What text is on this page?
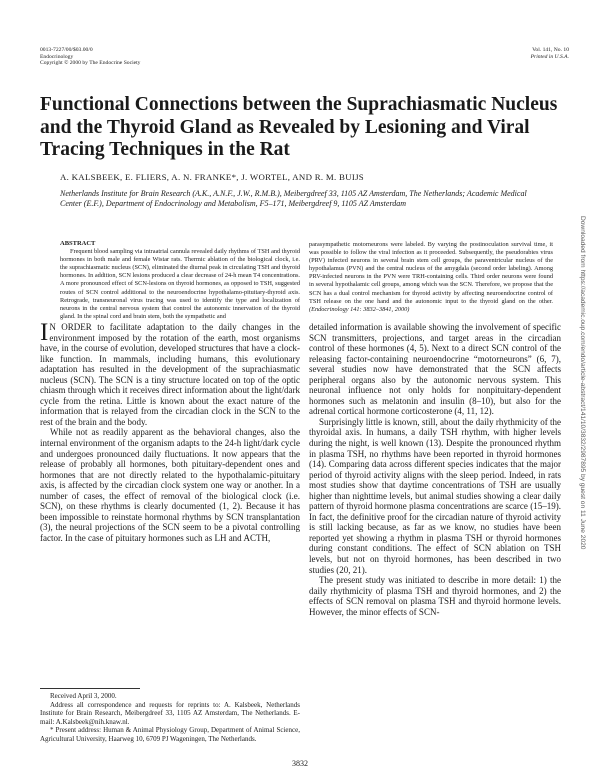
0013-7227/00/$03.00/0
Endocrinology
Copyright © 2000 by The Endocrine Society
Vol. 141, No. 10
Printed in U.S.A.
Functional Connections between the Suprachiasmatic Nucleus and the Thyroid Gland as Revealed by Lesioning and Viral Tracing Techniques in the Rat
A. KALSBEEK, E. FLIERS, A. N. FRANKE*, J. WORTEL, AND R. M. BUIJS
Netherlands Institute for Brain Research (A.K., A.N.F., J.W., R.M.B.), Meibergdreef 33, 1105 AZ Amsterdam, The Netherlands; Academic Medical Center (E.F.), Department of Endocrinology and Metabolism, F5–171, Meibergdreef 9, 1105 AZ Amsterdam
ABSTRACT

Frequent blood sampling via intraatrial cannula revealed daily rhythms of TSH and thyroid hormones in both male and female Wistar rats. Thermic ablation of the biological clock, i.e. the suprachiasmatic nucleus (SCN), eliminated the diurnal peak in circulating TSH and thyroid hormones. In addition, SCN lesions produced a clear decrease of 24-h mean T4 concentrations. A more pronounced effect of SCN-lesions on thyroid hormones, as opposed to TSH, suggested routes of SCN control additional to the neuroendocrine hypothalamo-pituitary-thyroid axis. Retrograde, transneuronal virus tracing was used to identify the type and localization of neurons in the central nervous system that control the autonomic innervation of the thyroid gland. In the spinal cord and brain stem, both the sympathetic and

parasympathetic motorneurons were labeled. By varying the postinoculation survival time, it was possible to follow the viral infection as it proceeded. Subsequently, the pseudorabies virus (PRV) infected neurons in several brain stem cell groups, the paraventricular nucleus of the hypothalamus (PVN) and the central nucleus of the amygdala (second order labeling). Among PRV-infected neurons in the PVN were TRH-containing cells. Third order neurons were found in several hypothalamic cell groups, among which was the SCN. Therefore, we propose that the SCN has a dual control mechanism for thyroid activity by affecting neuroendocrine control of TSH release on the one hand and the autonomic input to the thyroid gland on the other. (Endocrinology 141: 3832–3841, 2000)

I N ORDER to facilitate adaptation to the daily changes in the environment imposed by the rotation of the earth, most organisms have, in the course of evolution, developed structures that have a clock-like function. In mammals, including humans, this evolutionary adaptation has resulted in the development of the suprachiasmatic nucleus (SCN). The SCN is a tiny structure located on top of the optic chiasm through which it receives direct information about the light/dark cycle from the retina. Little is known about the exact nature of the information that is relayed from the circadian clock in the SCN to the rest of the brain and the body.

While not as readily apparent as the behavioral changes, also the internal environment of the organism adapts to the 24-h light/dark cycle and undergoes pronounced daily fluctuations. It now appears that the release of probably all hormones, both pituitary-dependent ones and hormones that are not directly related to the hypothalamic-pituitary axis, is affected by the circadian clock system one way or another. In a number of cases, the effect of removal of the biological clock (i.e. SCN), on these rhythms is clearly documented (1, 2). Because it has been impossible to reinstate hormonal rhythms by SCN transplantation (3), the neural projections of the SCN seem to be a pivotal controlling factor. In the case of pituitary hormones such as LH and ACTH,

detailed information is available showing the involvement of specific SCN transmitters, projections, and target areas in the circadian control of these hormones (4, 5). Next to a direct SCN control of the releasing factor-containing neuroendocrine “motorneurons” (6, 7), several studies now have demonstrated that the SCN affects peripheral organs also by the autonomic nervous system. This neuronal influence not only holds for nonpituitary-dependent hormones such as melatonin and insulin (8–10), but also for the adrenal cortical hormone corticosterone (4, 11, 12).

Surprisingly little is known, still, about the daily rhythmicity of the thyroidal axis. In humans, a daily TSH rhythm, with higher levels during the night, is well known (13). Despite the pronounced rhythm in plasma TSH, no rhythms have been reported in thyroid hormones (14). Comparing data across different species indicates that the major period of thyroid activity aligns with the sleep period. Indeed, in rats most studies show that daytime concentrations of TSH are usually higher than nighttime levels, but animal studies showing a clear daily pattern of thyroid hormone plasma concentrations are scarce (15–19). In fact, the definitive proof for the circadian nature of thyroid activity is still lacking because, as far as we know, no studies have been reported yet showing a rhythm in plasma TSH or thyroid hormones during constant conditions. The effect of SCN ablation on TSH levels, but not on thyroid hormones, has been described in two studies (20, 21).

The present study was initiated to describe in more detail: 1) the daily rhythmicity of plasma TSH and thyroid hormones, and 2) the effects of SCN removal on plasma TSH and thyroid hormone levels. However, the minor effects of SCN-

Received April 3, 2000.

Address all correspondence and requests for reprints to: A. Kalsbeek, Netherlands Institute for Brain Research, Meibergdreef 33, 1105 AZ Amsterdam, The Netherlands. E-mail: A.Kalsbeek@nih.knaw.nl.

* Present address: Human & Animal Physiology Group, Department of Animal Science, Agricultural University, Haarweg 10, 6709 PJ Wageningen, The Netherlands.

3832
Downloaded from https://academic.oup.com/endo/article-abstract/141/10/3832/2987895 by guest on 11 June 2020
